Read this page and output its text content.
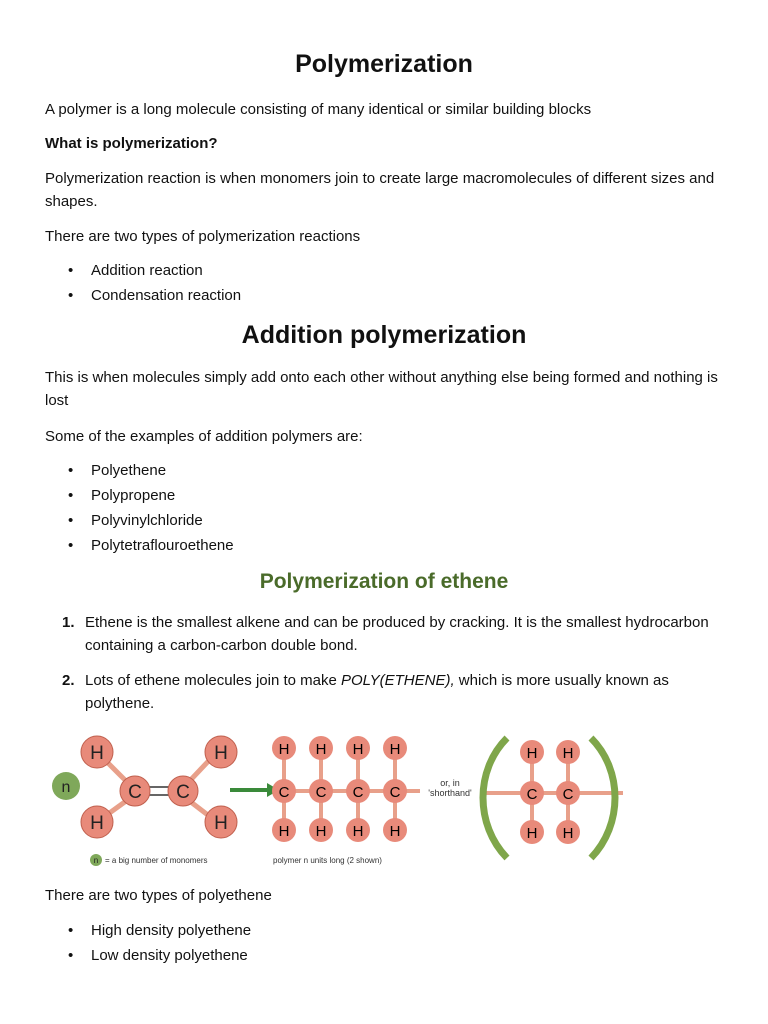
Polymerization
A polymer is a long molecule consisting of many identical or similar building blocks
What is polymerization?
Polymerization reaction is when monomers join to create large macromolecules of different sizes and shapes.
There are two types of polymerization reactions
• Addition reaction
• Condensation reaction
Addition polymerization
This is when molecules simply add onto each other without anything else being formed and nothing is lost
Some of the examples of addition polymers are:
• Polyethene
• Polypropene
• Polyvinylchloride
• Polytetraflouroethene
Polymerization of ethene
1. Ethene is the smallest alkene and can be produced by cracking. It is the smallest hydrocarbon containing a carbon-carbon double bond.
2. Lots of ethene molecules join to make POLY(ETHENE), which is more usually known as polythene.
n
H
H
C C
H
H
H H H H
C C C C
H H H H
or, in
'shorthand'
H H
C C
H H
n = a big number of monomers	polymer n units long (2 shown)
There are two types of polyethene
• High density polyethene
• Low density polyethene
